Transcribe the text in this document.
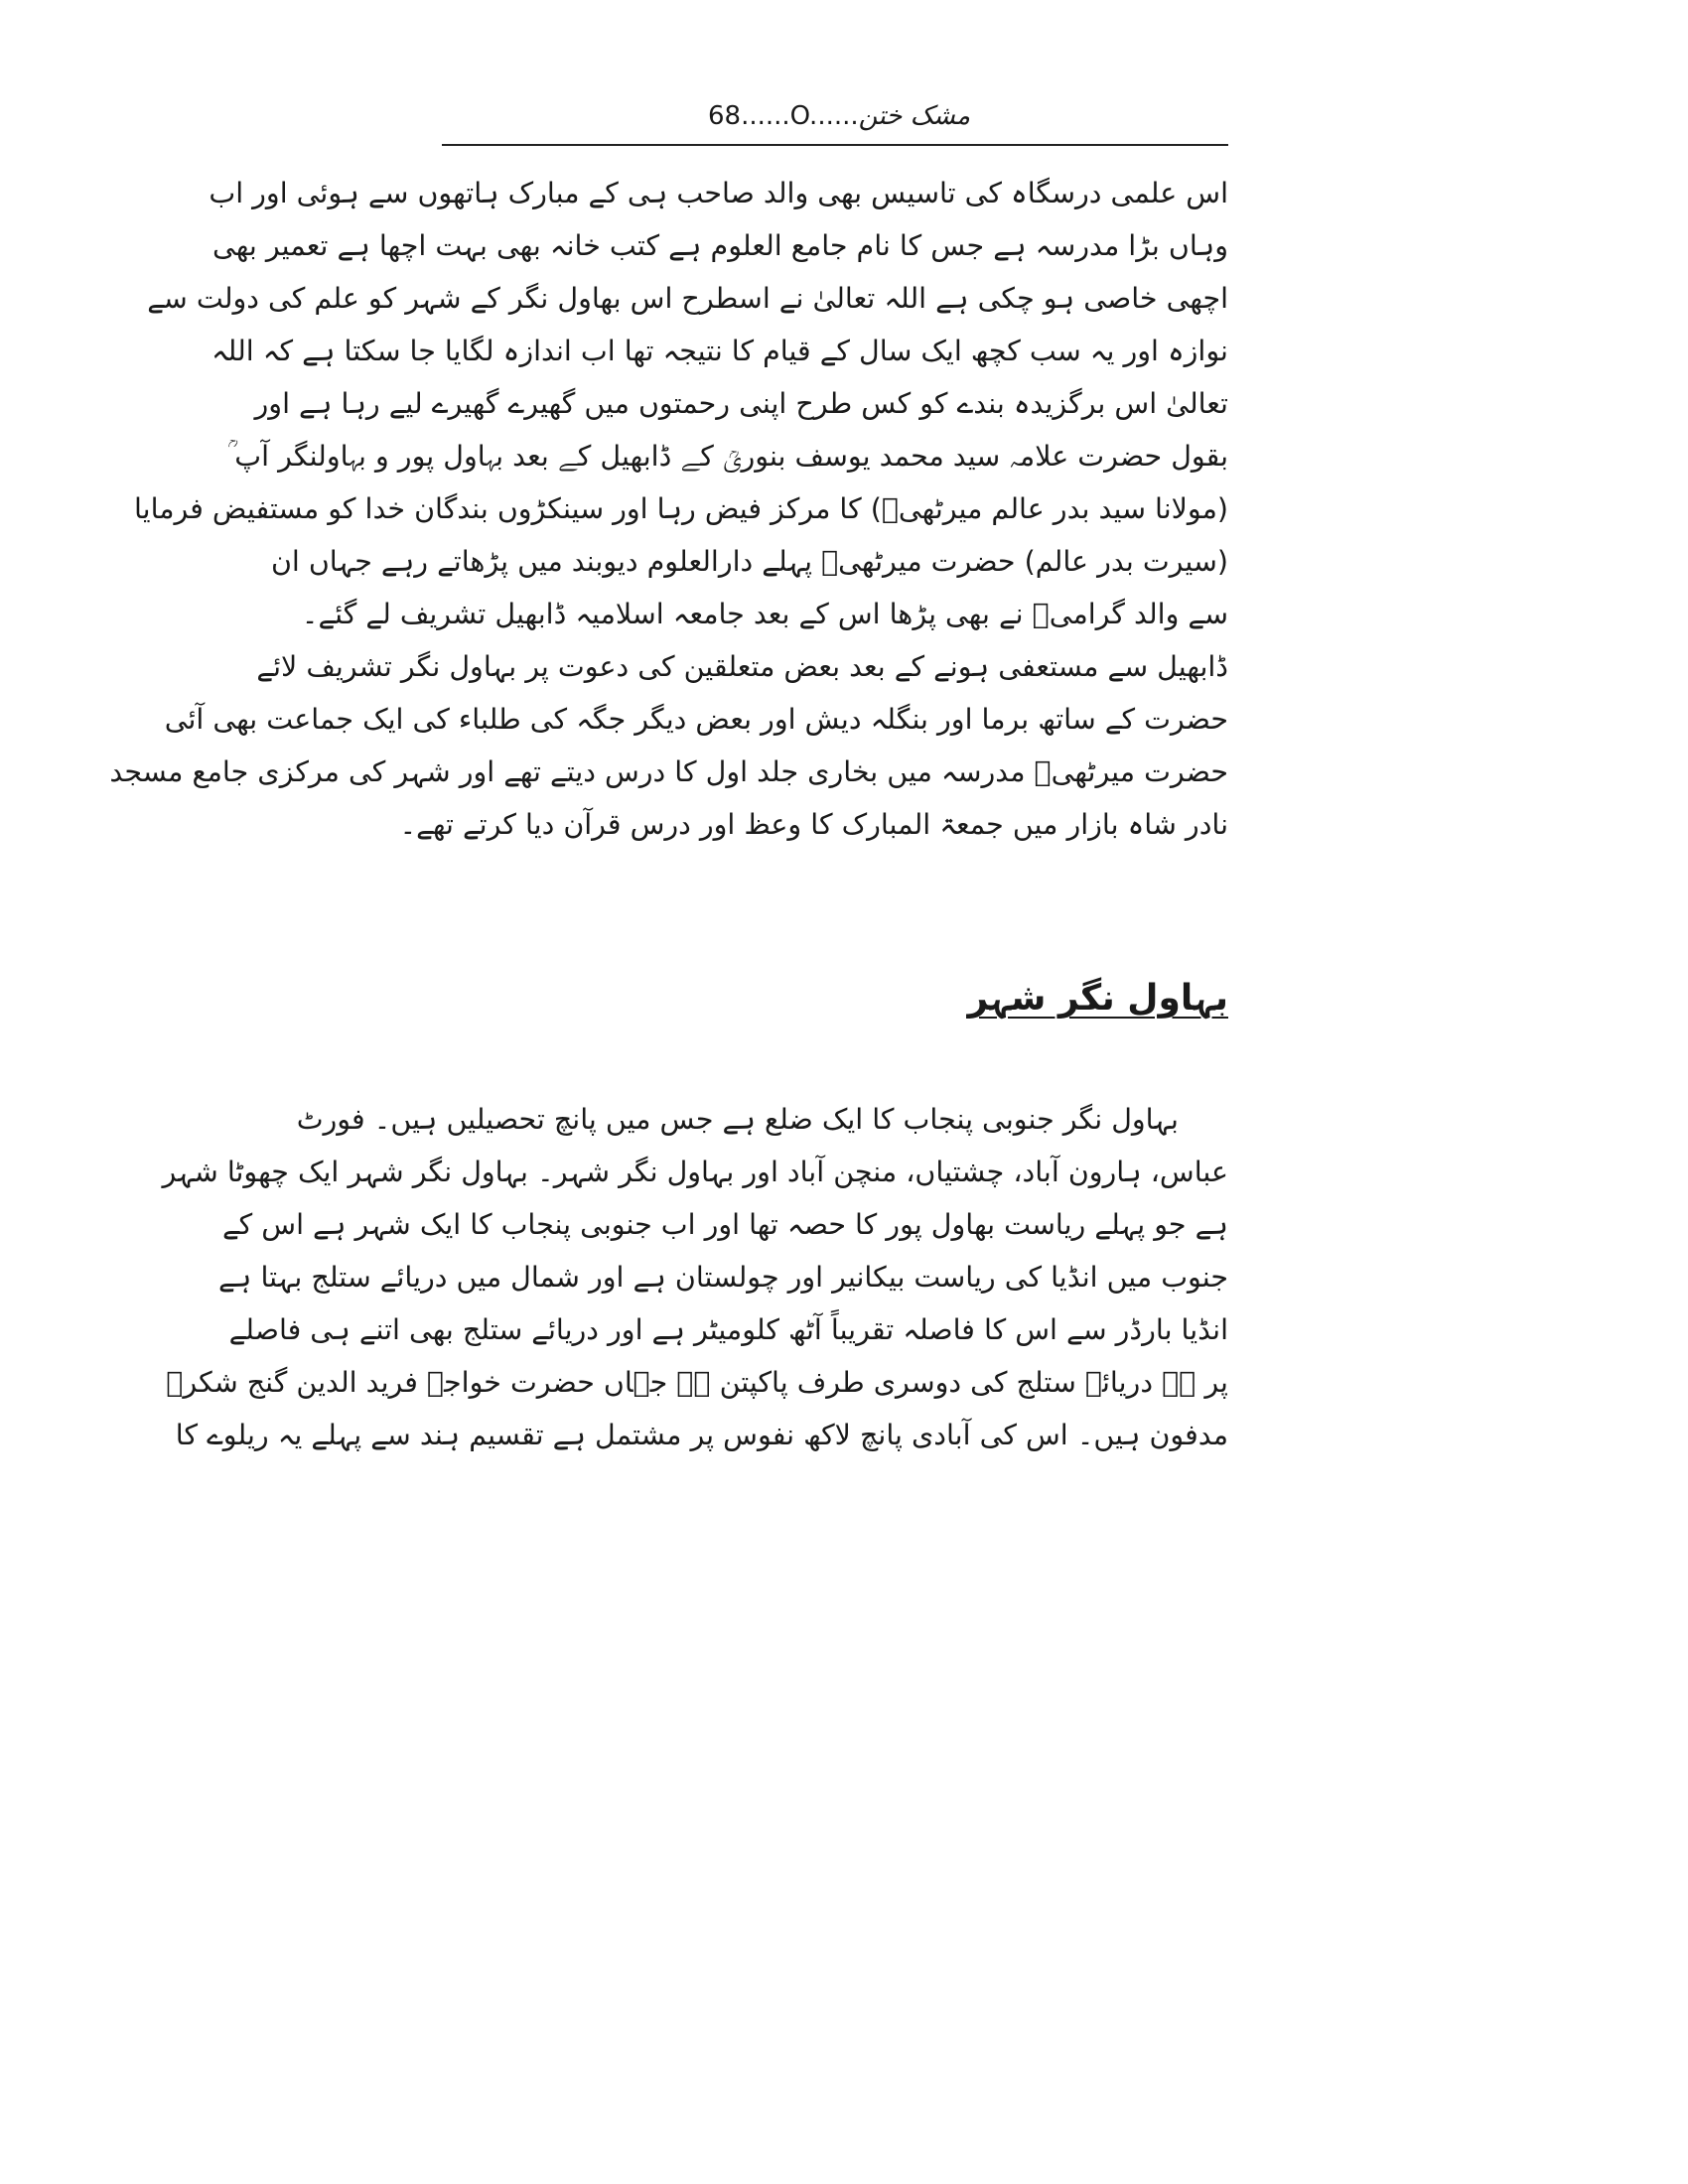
68......O......مشک ختن
اس علمی درسگاہ کی تاسیس بھی والد صاحب ہی کے مبارک ہاتھوں سے ہوئی اور اب
وہاں بڑا مدرسہ ہے جس کا نام جامع العلوم ہے کتب خانہ بھی بہت اچھا ہے تعمیر بھی
اچھی خاصی ہو چکی ہے اللہ تعالیٰ نے اسطرح اس بھاول نگر کے شہر کو علم کی دولت سے
نوازہ اور یہ سب کچھ ایک سال کے قیام کا نتیجہ تھا اب اندازہ لگایا جا سکتا ہے کہ اللہ
تعالیٰ اس برگزیدہ بندے کو کس طرح اپنی رحمتوں میں گھیرے گھیرے لیے رہا ہے اور
بقول حضرت علامہ سید محمد یوسف بنوریؒ کے ڈابھیل کے بعد بہاول پور و بہاولنگر آپ ؒ
(مولانا سید بدر عالم میرٹھیؒ) کا مرکز فیض رہا اور سینکڑوں بندگان خدا کو مستفیض فرمایا
(سیرت بدر عالم) حضرت میرٹھیؒ پہلے دارالعلوم دیوبند میں پڑھاتے رہے جہاں ان
سے والد گرامیؒ نے بھی پڑھا اس کے بعد جامعہ اسلامیہ ڈابھیل تشریف لے گئے۔
ڈابھیل سے مستعفی ہونے کے بعد بعض متعلقین کی دعوت پر بہاول نگر تشریف لائے
حضرت کے ساتھ برما اور بنگلہ دیش اور بعض دیگر جگہ کی طلباء کی ایک جماعت بھی آئی
حضرت میرٹھیؒ مدرسہ میں بخاری جلد اول کا درس دیتے تھے اور شہر کی مرکزی جامع مسجد
نادر شاہ بازار میں جمعۃ المبارک کا وعظ اور درس قرآن دیا کرتے تھے۔
بہاول نگر شہر
بہاول نگر جنوبی پنجاب کا ایک ضلع ہے جس میں پانچ تحصیلیں ہیں۔ فورٹ
عباس، ہارون آباد، چشتیاں، منچن آباد اور بہاول نگر شہر۔ بہاول نگر شہر ایک چھوٹا شہر
ہے جو پہلے ریاست بھاول پور کا حصہ تھا اور اب جنوبی پنجاب کا ایک شہر ہے اس کے
جنوب میں انڈیا کی ریاست بیکانیر اور چولستان ہے اور شمال میں دریائے ستلج بہتا ہے
انڈیا بارڈر سے اس کا فاصلہ تقریباً آٹھ کلومیٹر ہے اور دریائے ستلج بھی اتنے ہی فاصلے
پر ہے دریائے ستلج کی دوسری طرف پاکپتن ہے جہاں حضرت خواجہ فرید الدین گنج شکرؒ
مدفون ہیں۔ اس کی آبادی پانچ لاکھ نفوس پر مشتمل ہے تقسیم ہند سے پہلے یہ ریلوے کا
